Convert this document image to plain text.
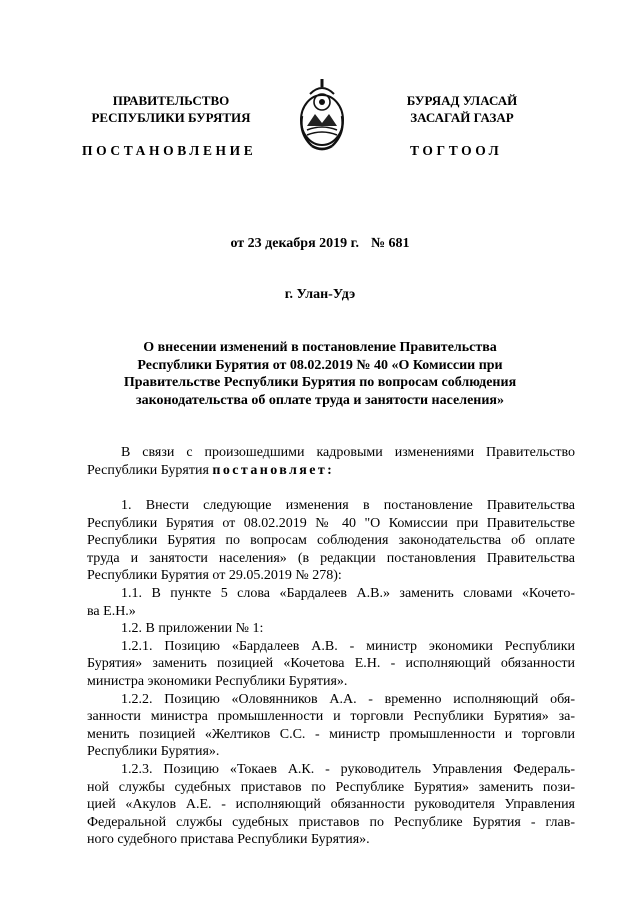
ПРАВИТЕЛЬСТВО
РЕСПУБЛИКИ БУРЯТИЯ
БУРЯАД УЛАСАЙ
ЗАСАГАЙ ГАЗАР
ПОСТАНОВЛЕНИЕ	ТОГТООЛ
от 23 декабря 2019 г. № 681
г. Улан-Удэ
О внесении изменений в постановление Правительства
Республики Бурятия от 08.02.2019 № 40 «О Комиссии при
Правительстве Республики Бурятия по вопросам соблюдения
законодательства об оплате труда и занятости населения»
В связи с произошедшими кадровыми изменениями Правительство
Республики Бурятия постановляет:
1. Внести следующие изменения в постановление Правительства
Республики Бурятия от 08.02.2019 № 40 "О Комиссии при Правительстве
Республики Бурятия по вопросам соблюдения законодательства об оплате
труда и занятости населения» (в редакции постановления Правительства
Республики Бурятия от 29.05.2019 № 278):
1.1. В пункте 5 слова «Бардалеев А.В.» заменить словами «Кочето-
ва Е.Н.»
1.2. В приложении № 1:
1.2.1. Позицию «Бардалеев А.В. - министр экономики Республики
Бурятия» заменить позицией «Кочетова Е.Н. - исполняющий обязанности
министра экономики Республики Бурятия».
1.2.2. Позицию «Оловянников А.А. - временно исполняющий обя-
занности министра промышленности и торговли Республики Бурятия» за-
менить позицией «Желтиков С.С. - министр промышленности и торговли
Республики Бурятия».
1.2.3. Позицию «Токаев А.К. - руководитель Управления Федераль-
ной службы судебных приставов по Республике Бурятия» заменить пози-
цией «Акулов А.Е. - исполняющий обязанности руководителя Управления
Федеральной службы судебных приставов по Республике Бурятия - глав-
ного судебного пристава Республики Бурятия».
